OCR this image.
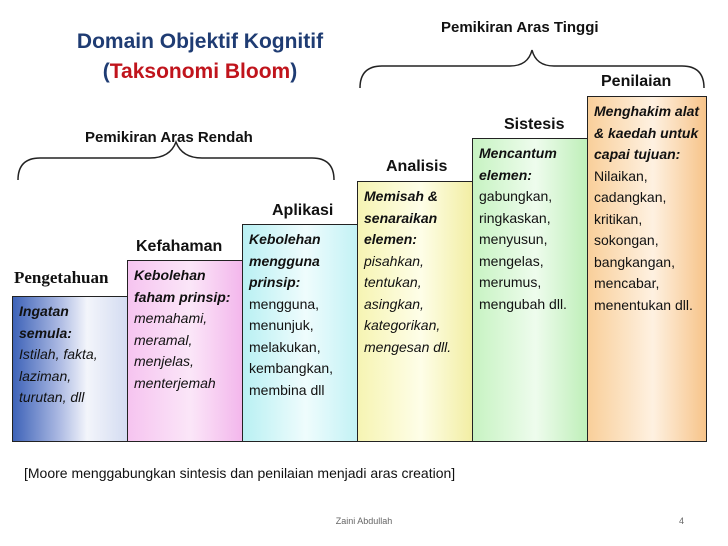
Domain Objektif Kognitif
(Taksonomi Bloom)
Pemikiran Aras Tinggi
Pemikiran Aras Rendah
Pengetahuan
Kefahaman
Aplikasi
Analisis
Sistesis
Penilaian
Ingatan semula:
Istilah, fakta, laziman, turutan, dll
Kebolehan faham prinsip:
memahami, meramal, menjelas, menterjemah
Kebolehan mengguna prinsip:
mengguna, menunjuk, melakukan, kembangkan, membina dll
Memisah & senaraikan elemen:
pisahkan, tentukan, asingkan, kategorikan, mengesan dll.
Mencantum elemen:
gabungkan, ringkaskan, menyusun, mengelas, merumus, mengubah dll.
Menghakim alat & kaedah untuk capai tujuan:
Nilaikan, cadangkan, kritikan, sokongan, bangkangan, mencabar, menentukan dll.
[Moore menggabungkan sintesis dan penilaian menjadi aras creation]
Zaini Abdullah	4
